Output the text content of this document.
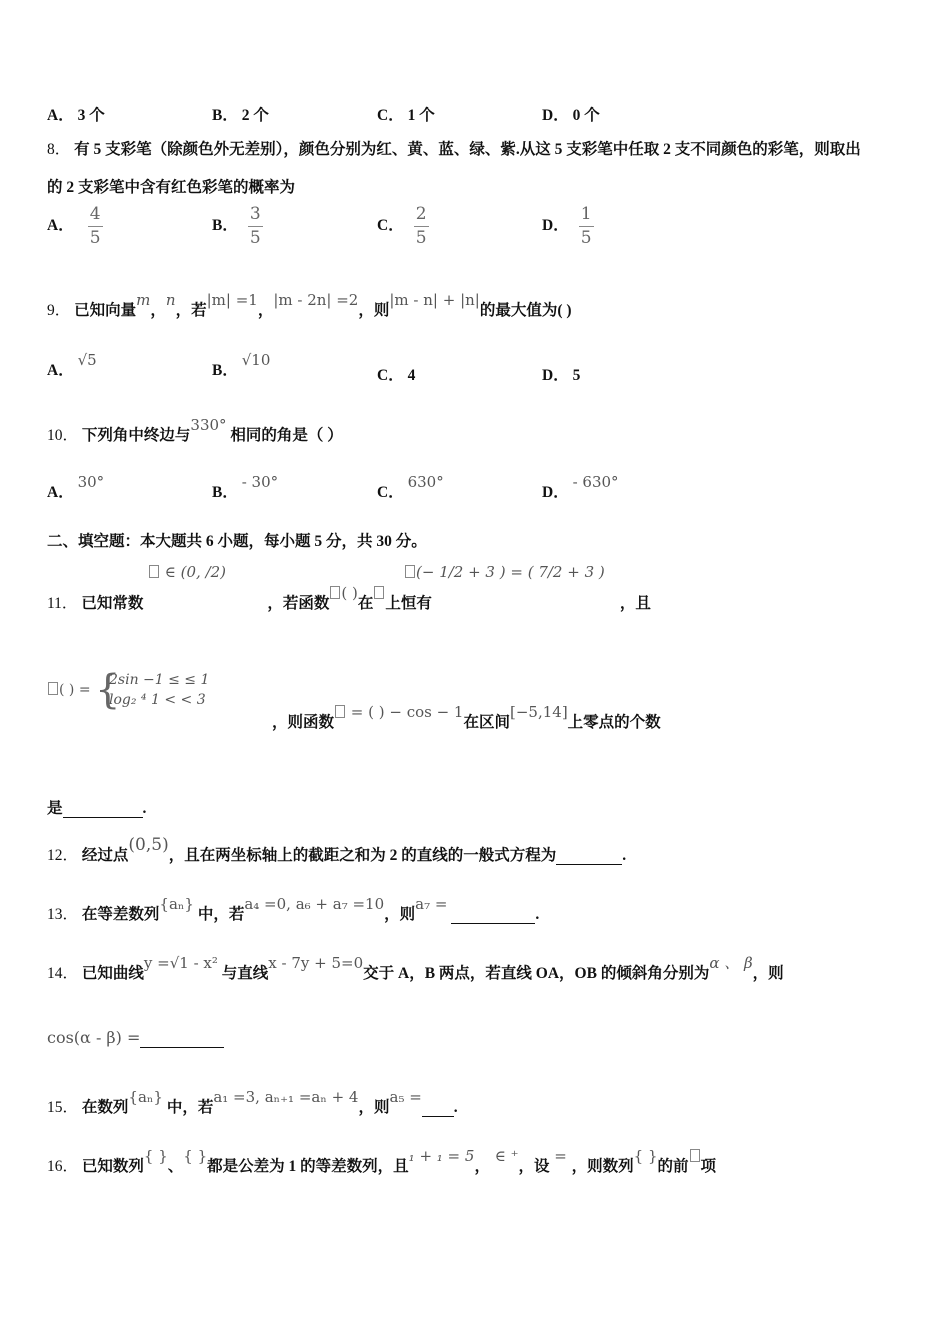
A． 3 个	B． 2 个	C． 1 个	D． 0 个
8． 有 5 支彩笔（除颜色外无差别），颜色分别为红、黄、蓝、绿、紫.从这 5 支彩笔中任取 2 支不同颜色的彩笔，则取出
的 2 支彩笔中含有红色彩笔的概率为
A． $\frac{4}{5}$	B． $\frac{3}{5}$	C． $\frac{2}{5}$	D． $\frac{1}{5}$
9． 已知向量m，n，若|m| =1，|m - 2n| =2，则|m - n| + |n|的最大值为( )
A． √5
B． √10
C． 4	D． 5
10． 下列角中终边与330° 相同的角是（ ）
A． 30°
B． - 30°
C． 630°
D． - 630°
二、填空题：本大题共 6 小题，每小题 5 分，共 30 分。
∈ (0, /2)	(− 1/2 + 3 ) = ( 7/2 + 3 )
11． 已知常数	，若函数( )在 上恒有	，且
( ) = {
2sin −1 ≤ ≤ 1
log₂ ⁴ 1 < < 3
，则函数 = ( ) − cos − 1在区间[−5,14]上零点的个数
是	.
12． 经过点(0,5)，且在两坐标轴上的截距之和为 2 的直线的一般式方程为	.
13． 在等差数列{aₙ} 中，若a₄ =0, a₆ + a₇ =10，则a₇ = .
14． 已知曲线y =√1 - x² 与直线x - 7y + 5=0交于 A，B 两点，若直线 OA，OB 的倾斜角分别为α 、 β，则
cos(α - β) =
15． 在数列{aₙ} 中，若a₁ =3, aₙ₊₁ =aₙ + 4，则a₅ =.
16． 已知数列{ }、{ }都是公差为 1 的等差数列，且₁ + ₁ = 5， ∈ ⁺，设 = ，则数列{ }的前 项
